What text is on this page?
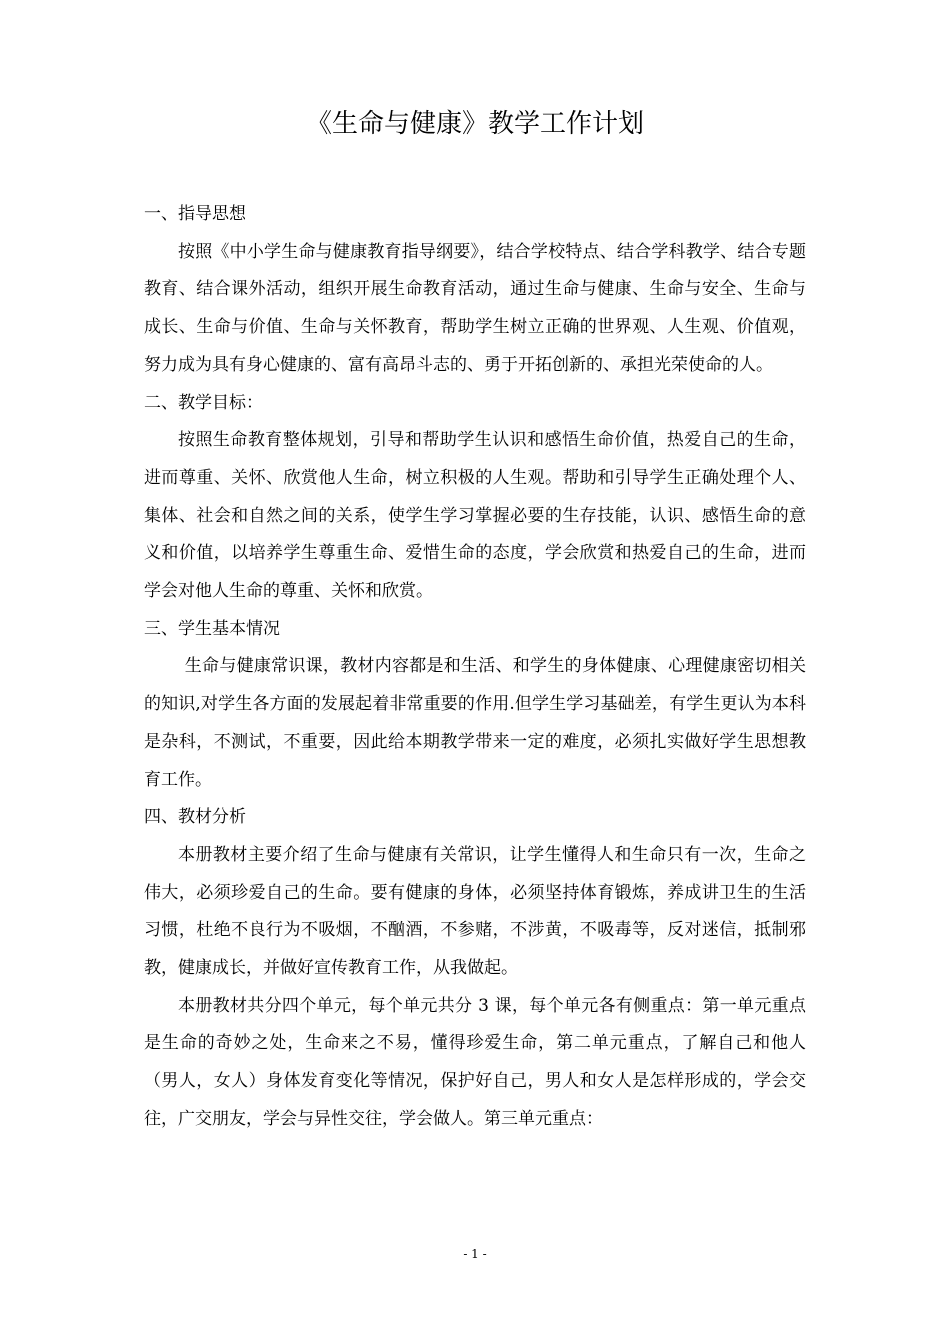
《生命与健康》教学工作计划

一、指导思想

按照《中小学生命与健康教育指导纲要》，结合学校特点、结合学科教学、结合专题教育、结合课外活动，组织开展生命教育活动，通过生命与健康、生命与安全、生命与成长、生命与价值、生命与关怀教育，帮助学生树立正确的世界观、人生观、价值观，努力成为具有身心健康的、富有高昂斗志的、勇于开拓创新的、承担光荣使命的人。

二、教学目标：

按照生命教育整体规划，引导和帮助学生认识和感悟生命价值，热爱自己的生命，进而尊重、关怀、欣赏他人生命，树立积极的人生观。帮助和引导学生正确处理个人、集体、社会和自然之间的关系，使学生学习掌握必要的生存技能，认识、感悟生命的意义和价值，以培养学生尊重生命、爱惜生命的态度，学会欣赏和热爱自己的生命，进而学会对他人生命的尊重、关怀和欣赏。

三、学生基本情况

生命与健康常识课，教材内容都是和生活、和学生的身体健康、心理健康密切相关的知识,对学生各方面的发展起着非常重要的作用.但学生学习基础差，有学生更认为本科是杂科，不测试，不重要，因此给本期教学带来一定的难度，必须扎实做好学生思想教育工作。

四、教材分析

本册教材主要介绍了生命与健康有关常识，让学生懂得人和生命只有一次，生命之伟大，必须珍爱自己的生命。要有健康的身体，必须坚持体育锻炼，养成讲卫生的生活习惯，杜绝不良行为不吸烟，不酗酒，不参赌，不涉黄，不吸毒等，反对迷信，抵制邪教，健康成长，并做好宣传教育工作，从我做起。

本册教材共分四个单元，每个单元共分 3 课，每个单元各有侧重点：第一单元重点是生命的奇妙之处，生命来之不易，懂得珍爱生命，第二单元重点，了解自己和他人（男人，女人）身体发育变化等情况，保护好自己，男人和女人是怎样形成的，学会交往，广交朋友，学会与异性交往，学会做人。第三单元重点：

- 1 -
